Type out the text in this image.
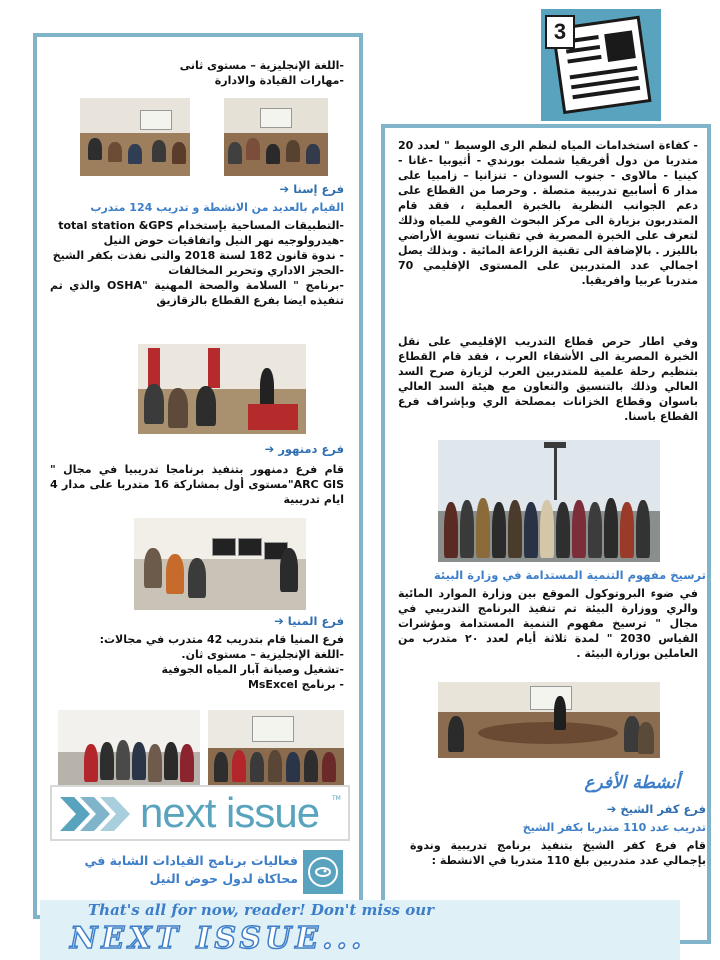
3
-اللغة الإنجليزية – مستوى ثانى
-مهارات القيادة والادارة
فرع إسنا ➔
القيام بالعديد من الانشطة و تدريب 124 متدرب
-التطبيقات المساحية بإستخدام total station &GPS
-هيدرولوجيه نهر النيل واتفاقيات حوض النيل
- ندوة قانون 182 لسنة 2018 والتى نفذت بكفر الشيخ
-الحجز الاداري وتحرير المخالفات
-برنامج " السلامة والصحة المهنية "OSHA والذي تم تنفيذه ايضا بفرع القطاع بالزقازيق
فرع دمنهور ➔
قام فرع دمنهور بتنفيذ برنامجا تدريبيا في مجال " ARC GIS"مستوى أول بمشاركة 16 متدربا على مدار 4 ايام تدريبية
فرع المنيا ➔
فرع المنيا قام بتدريب 42 متدرب في مجالات:
-اللغة الإنجليزية – مستوى ثان.
-تشغيل وصيانة آبار المياه الجوفية
- برنامج MsExcel
next issue TM
فعاليات برنامج القيادات الشابة في محاكاة لدول حوض النيل
- كفاءة استخدامات المياه لنظم الرى الوسيط " لعدد 20 متدربا من دول أفريقيا شملت بورندي - أثيوبيا -غانا - كينيا - مالاوى - جنوب السودان - تنزانيا – زامبيا على مدار 6 أسابيع تدريبية متصلة . وحرصا من القطاع على دعم الجوانب النظرية بالخبرة العملية ، فقد قام المتدربون بزيارة الى مركز البحوث القومي للمياه وذلك لتعرف على الخبرة المصرية في تقنيات تسوية الأراضي بالليزر . بالإضافة الى تقنية الزراعة المائية . وبذلك يصل اجمالي عدد المتدربين على المستوى الإقليمي 70 متدربا عربيا وافريقيا.
وفي اطار حرص قطاع التدريب الإقليمي على نقل الخبرة المصرية الى الأشقاء العرب ، فقد قام القطاع بتنظيم رحلة علمية للمتدربين العرب لزيارة صرح السد العالي وذلك بالتنسيق والتعاون مع هيئة السد العالي باسوان وقطاع الخزانات بمصلحة الري وبإشراف فرع القطاع باسنا.
ترسيخ مفهوم التنمية المستدامة في وزارة البيئة
في ضوء البروتوكول الموقع بين وزارة الموارد المائية والري ووزارة البيئة تم تنفيذ البرنامج التدريبي في مجال " ترسيخ مفهوم التنمية المستدامة ومؤشرات القياس 2030 " لمدة ثلاثة أيام لعدد ٢٠ متدرب من العاملين بوزارة البيئة .
أنشطة الأفرع
فرع كفر الشيخ ➔
تدريب عدد 110 متدربا بكفر الشيخ
قام فرع كفر الشيخ بتنفيذ برنامج تدريبية وندوة بإجمالي عدد متدربين بلغ 110 متدربا في الانشطة :
That's all for now, reader! Don't miss our
NEXT ISSUE...
